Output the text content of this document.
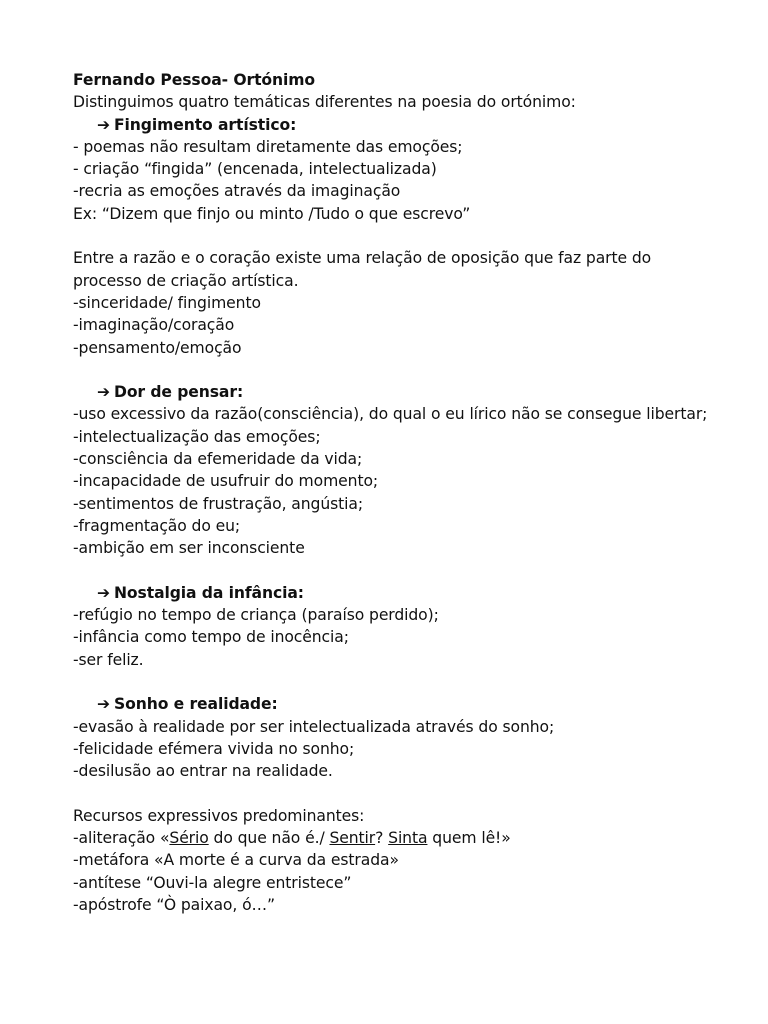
Fernando Pessoa- Ortónimo
Distinguimos quatro temáticas diferentes na poesia do ortónimo:
➔ Fingimento artístico:
- poemas não resultam diretamente das emoções;
- criação “fingida” (encenada, intelectualizada)
-recria as emoções através da imaginação
Ex: “Dizem que finjo ou minto /Tudo o que escrevo”
Entre a razão e o coração existe uma relação de oposição que faz parte do processo de criação artística.
-sinceridade/ fingimento
-imaginação/coração
-pensamento/emoção
➔ Dor de pensar:
-uso excessivo da razão(consciência), do qual o eu lírico não se consegue libertar;
-intelectualização das emoções;
-consciência da efemeridade da vida;
-incapacidade de usufruir do momento;
-sentimentos de frustração, angústia;
-fragmentação do eu;
-ambição em ser inconsciente
➔ Nostalgia da infância:
-refúgio no tempo de criança (paraíso perdido);
-infância como tempo de inocência;
-ser feliz.
➔ Sonho e realidade:
-evasão à realidade por ser intelectualizada através do sonho;
-felicidade efémera vivida no sonho;
-desilusão ao entrar na realidade.
Recursos expressivos predominantes:
-aliteração «Sério do que não é./ Sentir? Sinta quem lê!»
-metáfora «A morte é a curva da estrada»
-antítese “Ouvi-la alegre entristece”
-apóstrofe “Ò paixao, ó…”
